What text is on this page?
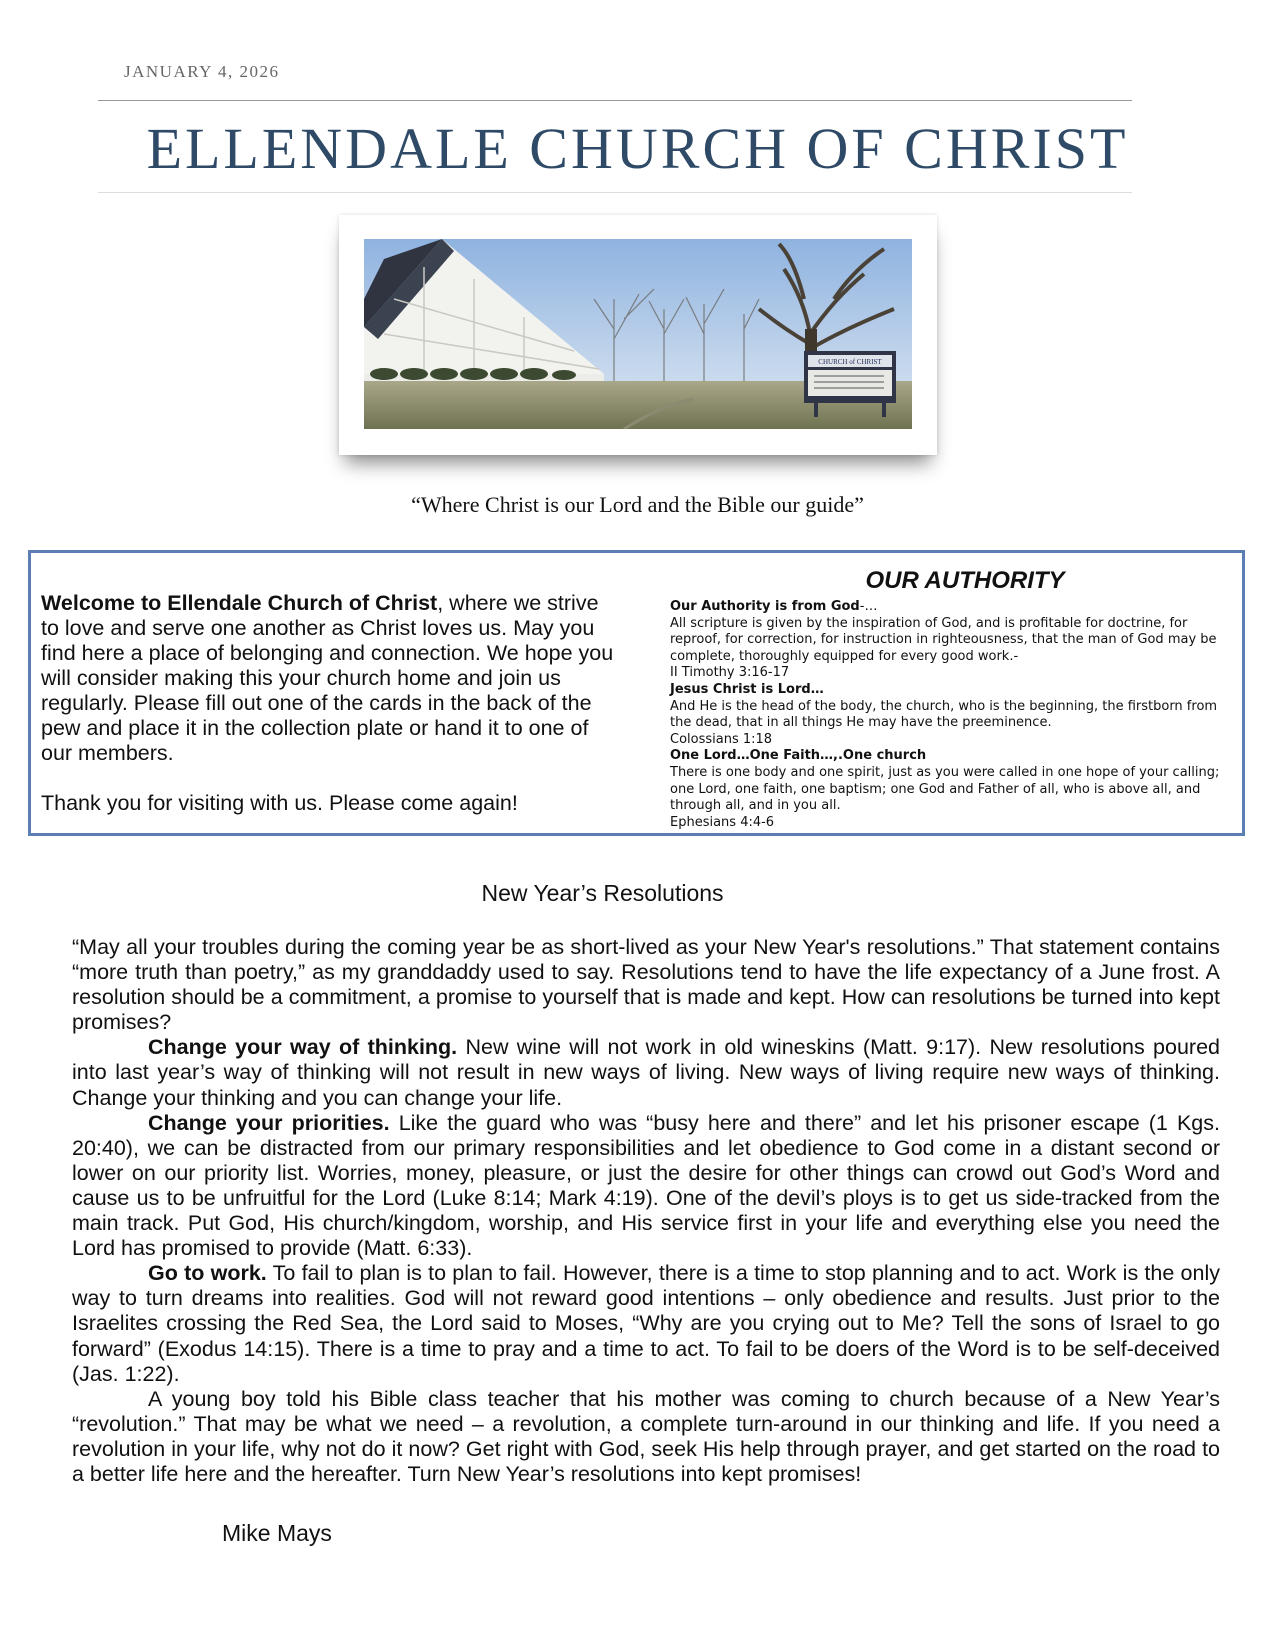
JANUARY 4, 2026
ELLENDALE CHURCH OF CHRIST
CHURCH of CHRIST
“Where Christ is our Lord and the Bible our guide”

Welcome to Ellendale Church of Christ, where we strive to love and serve one another as Christ loves us. May you find here a place of belonging and connection. We hope you will consider making this your church home and join us regularly. Please fill out one of the cards in the back of the pew and place it in the collection plate or hand it to one of our members.

Thank you for visiting with us. Please come again!

OUR AUTHORITY
Our Authority is from God-…
All scripture is given by the inspiration of God, and is profitable for doctrine, for reproof, for correction, for instruction in righteousness, that the man of God may be complete, thoroughly equipped for every good work.-
II Timothy 3:16-17
Jesus Christ is Lord…
And He is the head of the body, the church, who is the beginning, the firstborn from the dead, that in all things He may have the preeminence.
Colossians 1:18
One Lord…One Faith…,.One church
There is one body and one spirit, just as you were called in one hope of your calling; one Lord, one faith, one baptism; one God and Father of all, who is above all, and through all, and in you all.
Ephesians 4:4-6
New Year’s Resolutions

“May all your troubles during the coming year be as short-lived as your New Year's resolutions.” That statement contains “more truth than poetry,” as my granddaddy used to say. Resolutions tend to have the life expectancy of a June frost. A resolution should be a commitment, a promise to yourself that is made and kept. How can resolutions be turned into kept promises?

Change your way of thinking. New wine will not work in old wineskins (Matt. 9:17). New resolutions poured into last year’s way of thinking will not result in new ways of living. New ways of living require new ways of thinking. Change your thinking and you can change your life.

Change your priorities. Like the guard who was “busy here and there” and let his prisoner escape (1 Kgs. 20:40), we can be distracted from our primary responsibilities and let obedience to God come in a distant second or lower on our priority list. Worries, money, pleasure, or just the desire for other things can crowd out God’s Word and cause us to be unfruitful for the Lord (Luke 8:14; Mark 4:19). One of the devil’s ploys is to get us side-tracked from the main track. Put God, His church/kingdom, worship, and His service first in your life and everything else you need the Lord has promised to provide (Matt. 6:33).

Go to work. To fail to plan is to plan to fail. However, there is a time to stop planning and to act. Work is the only way to turn dreams into realities. God will not reward good intentions – only obedience and results. Just prior to the Israelites crossing the Red Sea, the Lord said to Moses, “Why are you crying out to Me? Tell the sons of Israel to go forward” (Exodus 14:15). There is a time to pray and a time to act. To fail to be doers of the Word is to be self-deceived (Jas. 1:22).

A young boy told his Bible class teacher that his mother was coming to church because of a New Year’s “revolution.” That may be what we need – a revolution, a complete turn-around in our thinking and life. If you need a revolution in your life, why not do it now? Get right with God, seek His help through prayer, and get started on the road to a better life here and the hereafter. Turn New Year’s resolutions into kept promises!

Mike Mays
